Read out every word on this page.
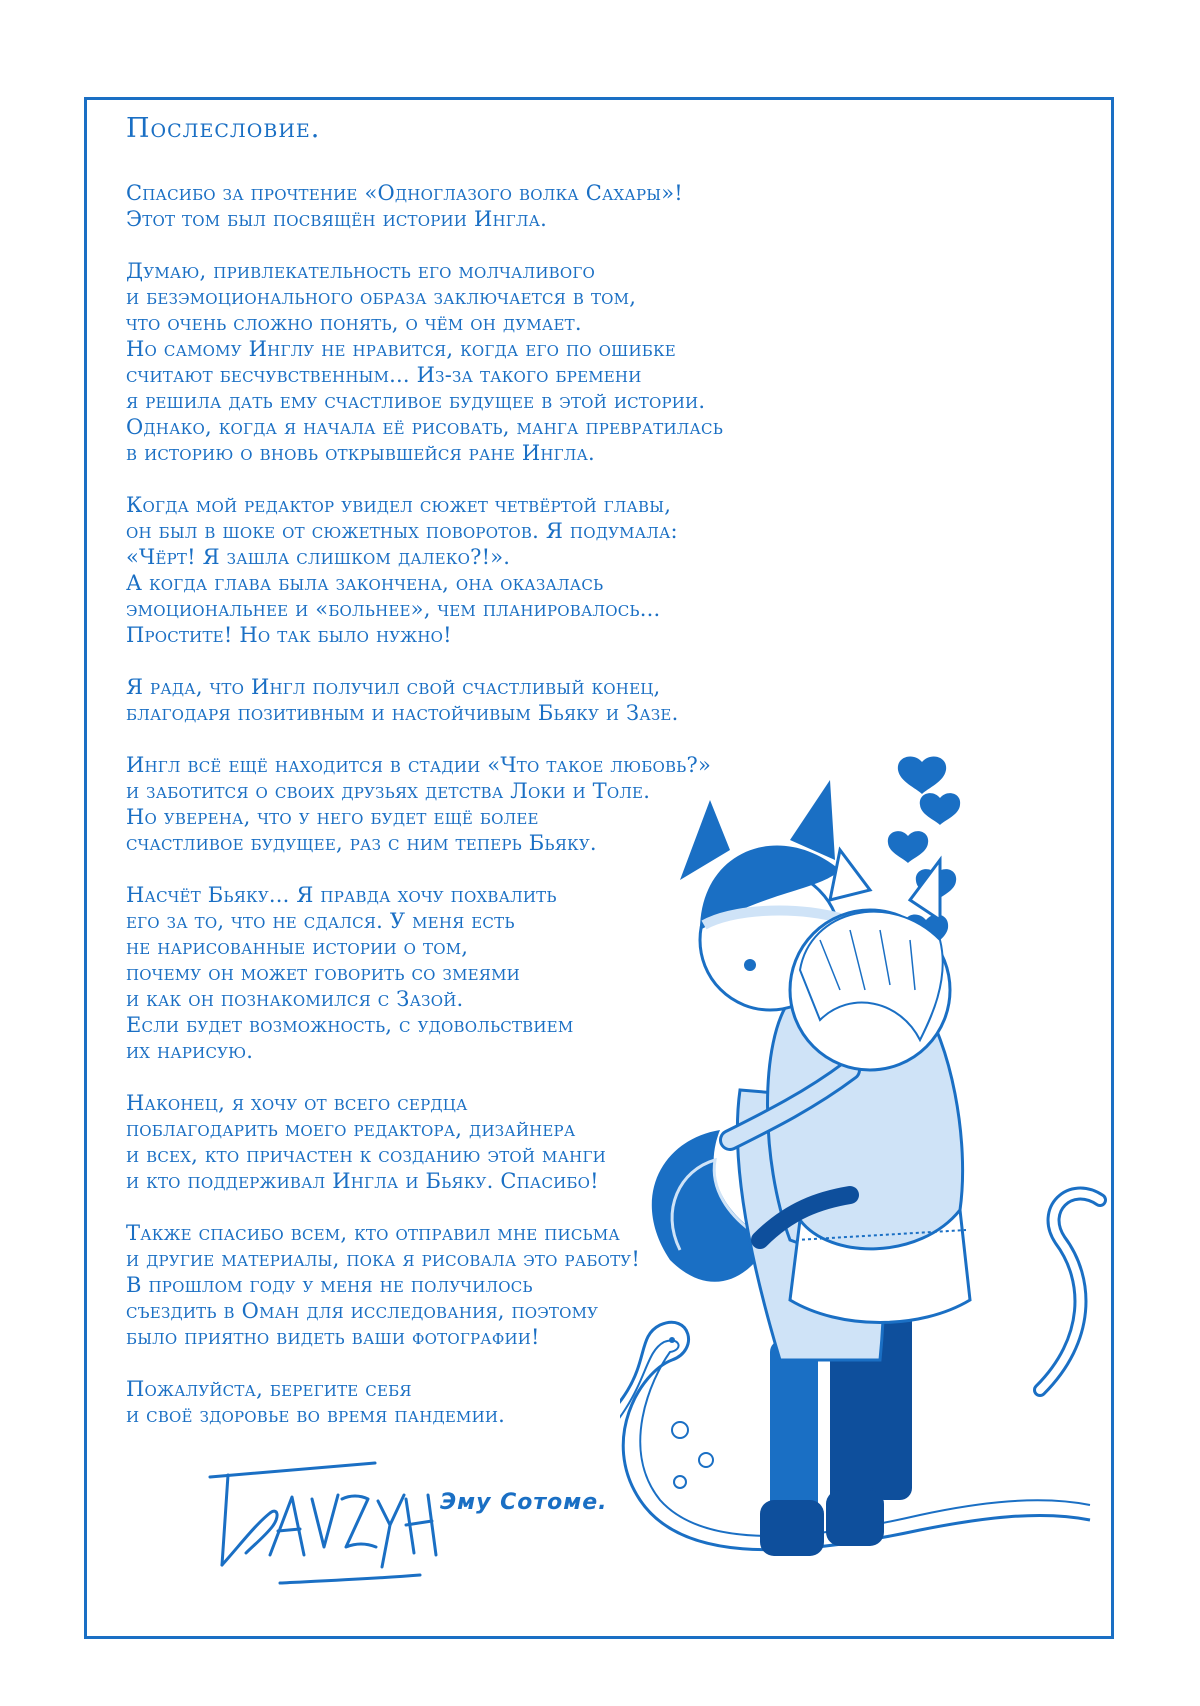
Послесловие.
Спасибо за прочтение «Одноглазого волка Сахары»!
Этот том был посвящён истории Ингла.
Думаю, привлекательность его молчаливого
и безэмоционального образа заключается в том,
что очень сложно понять, о чём он думает.
Но самому Инглу не нравится, когда его по ошибке
считают бесчувственным... Из-за такого бремени
я решила дать ему счастливое будущее в этой истории.
Однако, когда я начала её рисовать, манга превратилась
в историю о вновь открывшейся ране Ингла.
Когда мой редактор увидел сюжет четвёртой главы,
он был в шоке от сюжетных поворотов. Я подумала:
«Чёрт! Я зашла слишком далеко?!».
А когда глава была закончена, она оказалась
эмоциональнее и «больнее», чем планировалось...
Простите! Но так было нужно!
Я рада, что Ингл получил свой счастливый конец,
благодаря позитивным и настойчивым Бьяку и Зазе.
Ингл всё ещё находится в стадии «Что такое любовь?»
и заботится о своих друзьях детства Локи и Толе.
Но уверена, что у него будет ещё более
счастливое будущее, раз с ним теперь Бьяку.
Насчёт Бьяку... Я правда хочу похвалить
его за то, что не сдался. У меня есть
не нарисованные истории о том,
почему он может говорить со змеями
и как он познакомился с Зазой.
Если будет возможность, с удовольствием
их нарисую.
Наконец, я хочу от всего сердца
поблагодарить моего редактора, дизайнера
и всех, кто причастен к созданию этой манги
и кто поддерживал Ингла и Бьяку. Спасибо!
Также спасибо всем, кто отправил мне письма
и другие материалы, пока я рисовала это работу!
В прошлом году у меня не получилось
съездить в Оман для исследования, поэтому
было приятно видеть ваши фотографии!
Пожалуйста, берегите себя
и своё здоровье во время пандемии.
Эму Сотоме.
